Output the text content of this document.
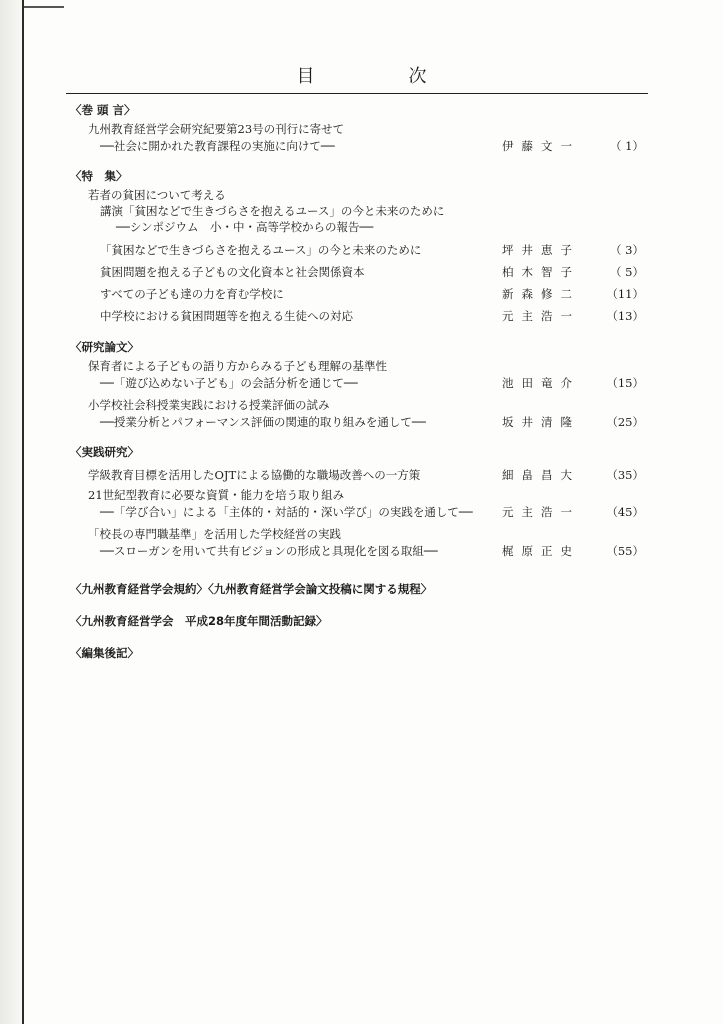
目　次
〈巻 頭 言〉
九州教育経営学会研究紀要第23号の刊行に寄せて
──社会に開かれた教育課程の実施に向けて──	伊藤文一	（ 1）
〈特　集〉
若者の貧困について考える
講演「貧困などで生きづらさを抱えるユース」の今と未来のために
──シンポジウム　小・中・高等学校からの報告──
「貧困などで生きづらさを抱えるユース」の今と未来のために	坪井恵子	（ 3）
貧困問題を抱える子どもの文化資本と社会関係資本	柏木智子	（ 5）
すべての子ども達の力を育む学校に	新森修二	（11）
中学校における貧困問題等を抱える生徒への対応	元主浩一	（13）
〈研究論文〉
保育者による子どもの語り方からみる子ども理解の基準性
──「遊び込めない子ども」の会話分析を通じて──	池田竜介	（15）
小学校社会科授業実践における授業評価の試み
──授業分析とパフォーマンス評価の関連的取り組みを通して──	坂井清隆	（25）
〈実践研究〉
学級教育目標を活用したOJTによる協働的な職場改善への一方策	細畠昌大	（35）
21世紀型教育に必要な資質・能力を培う取り組み
──「学び合い」による「主体的・対話的・深い学び」の実践を通して──	元主浩一	（45）
「校長の専門職基準」を活用した学校経営の実践
──スローガンを用いて共有ビジョンの形成と具現化を図る取組──	梶原正史	（55）
〈九州教育経営学会規約〉〈九州教育経営学会論文投稿に関する規程〉
〈九州教育経営学会　平成28年度年間活動記録〉
〈編集後記〉
